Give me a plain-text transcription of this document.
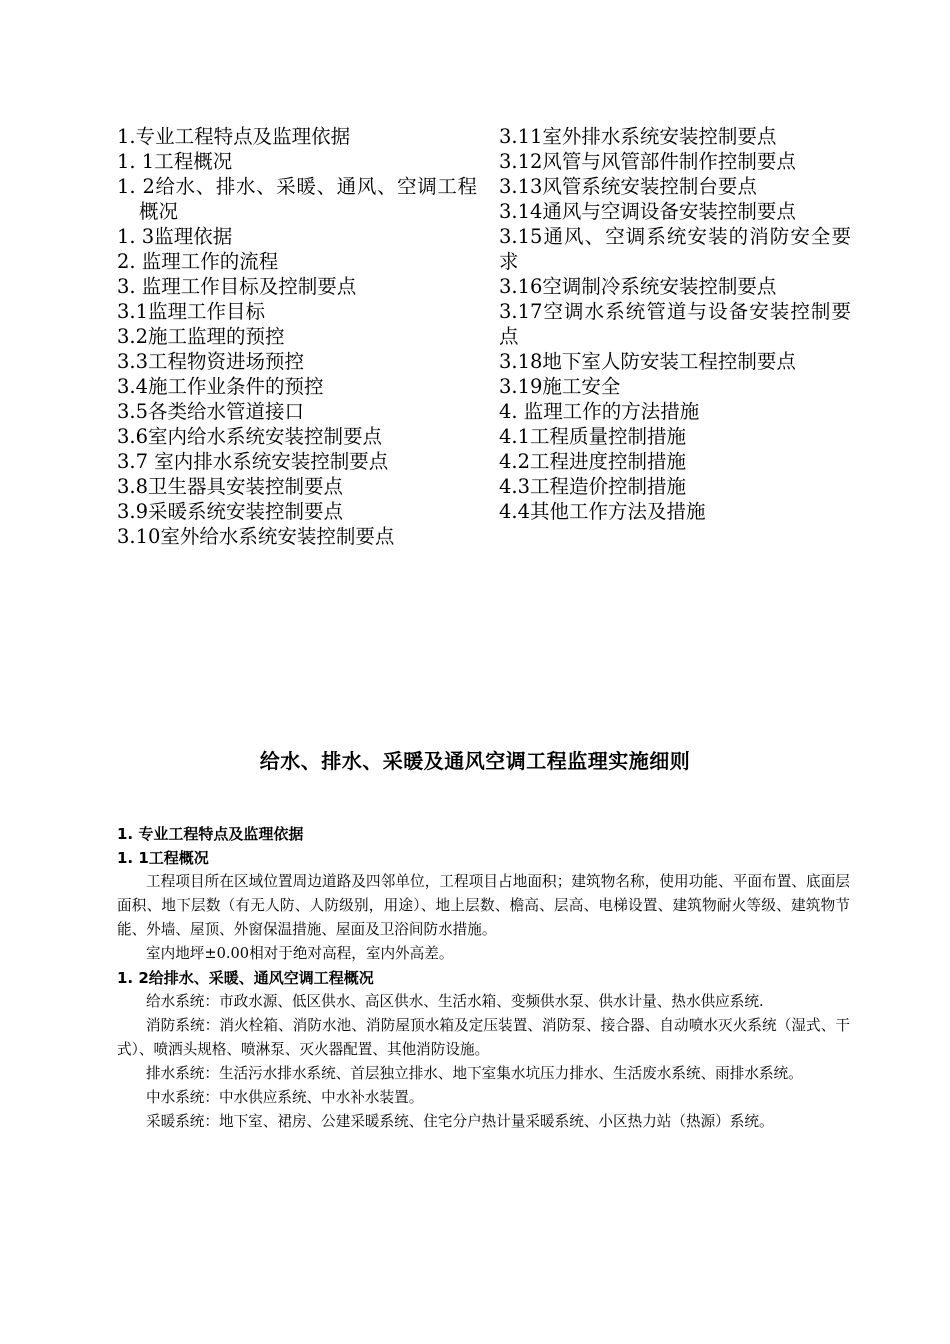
1.专业工程特点及监理依据
1. 1工程概况
1. 2给水、排水、采暖、通风、空调工程概况
1. 3监理依据
2. 监理工作的流程
3. 监理工作目标及控制要点
3.1监理工作目标
3.2施工监理的预控
3.3工程物资进场预控
3.4施工作业条件的预控
3.5各类给水管道接口
3.6室内给水系统安装控制要点
3.7 室内排水系统安装控制要点
3.8卫生器具安装控制要点
3.9采暖系统安装控制要点
3.10室外给水系统安装控制要点
3.11室外排水系统安装控制要点
3.12风管与风管部件制作控制要点
3.13风管系统安装控制台要点
3.14通风与空调设备安装控制要点
3.15通风、空调系统安装的消防安全要求
3.16空调制冷系统安装控制要点
3.17空调水系统管道与设备安装控制要点
3.18地下室人防安装工程控制要点
3.19施工安全
4. 监理工作的方法措施
4.1工程质量控制措施
4.2工程进度控制措施
4.3工程造价控制措施
4.4其他工作方法及措施
给水、排水、采暖及通风空调工程监理实施细则
1. 专业工程特点及监理依据
1. 1工程概况
工程项目所在区域位置周边道路及四邻单位，工程项目占地面积；建筑物名称，使用功能、平面布置、底面层面积、地下层数（有无人防、人防级别，用途）、地上层数、檐高、层高、电梯设置、建筑物耐火等级、建筑物节能、外墙、屋顶、外窗保温措施、屋面及卫浴间防水措施。
室内地坪±0.00相对于绝对高程，室内外高差。
1. 2给排水、采暖、通风空调工程概况
给水系统：市政水源、低区供水、高区供水、生活水箱、变频供水泵、供水计量、热水供应系统.
消防系统：消火栓箱、消防水池、消防屋顶水箱及定压装置、消防泵、接合器、自动喷水灭火系统（湿式、干式）、喷洒头规格、喷淋泵、灭火器配置、其他消防设施。
排水系统：生活污水排水系统、首层独立排水、地下室集水坑压力排水、生活废水系统、雨排水系统。
中水系统：中水供应系统、中水补水装置。
采暖系统：地下室、裙房、公建采暖系统、住宅分户热计量采暖系统、小区热力站（热源）系统。
